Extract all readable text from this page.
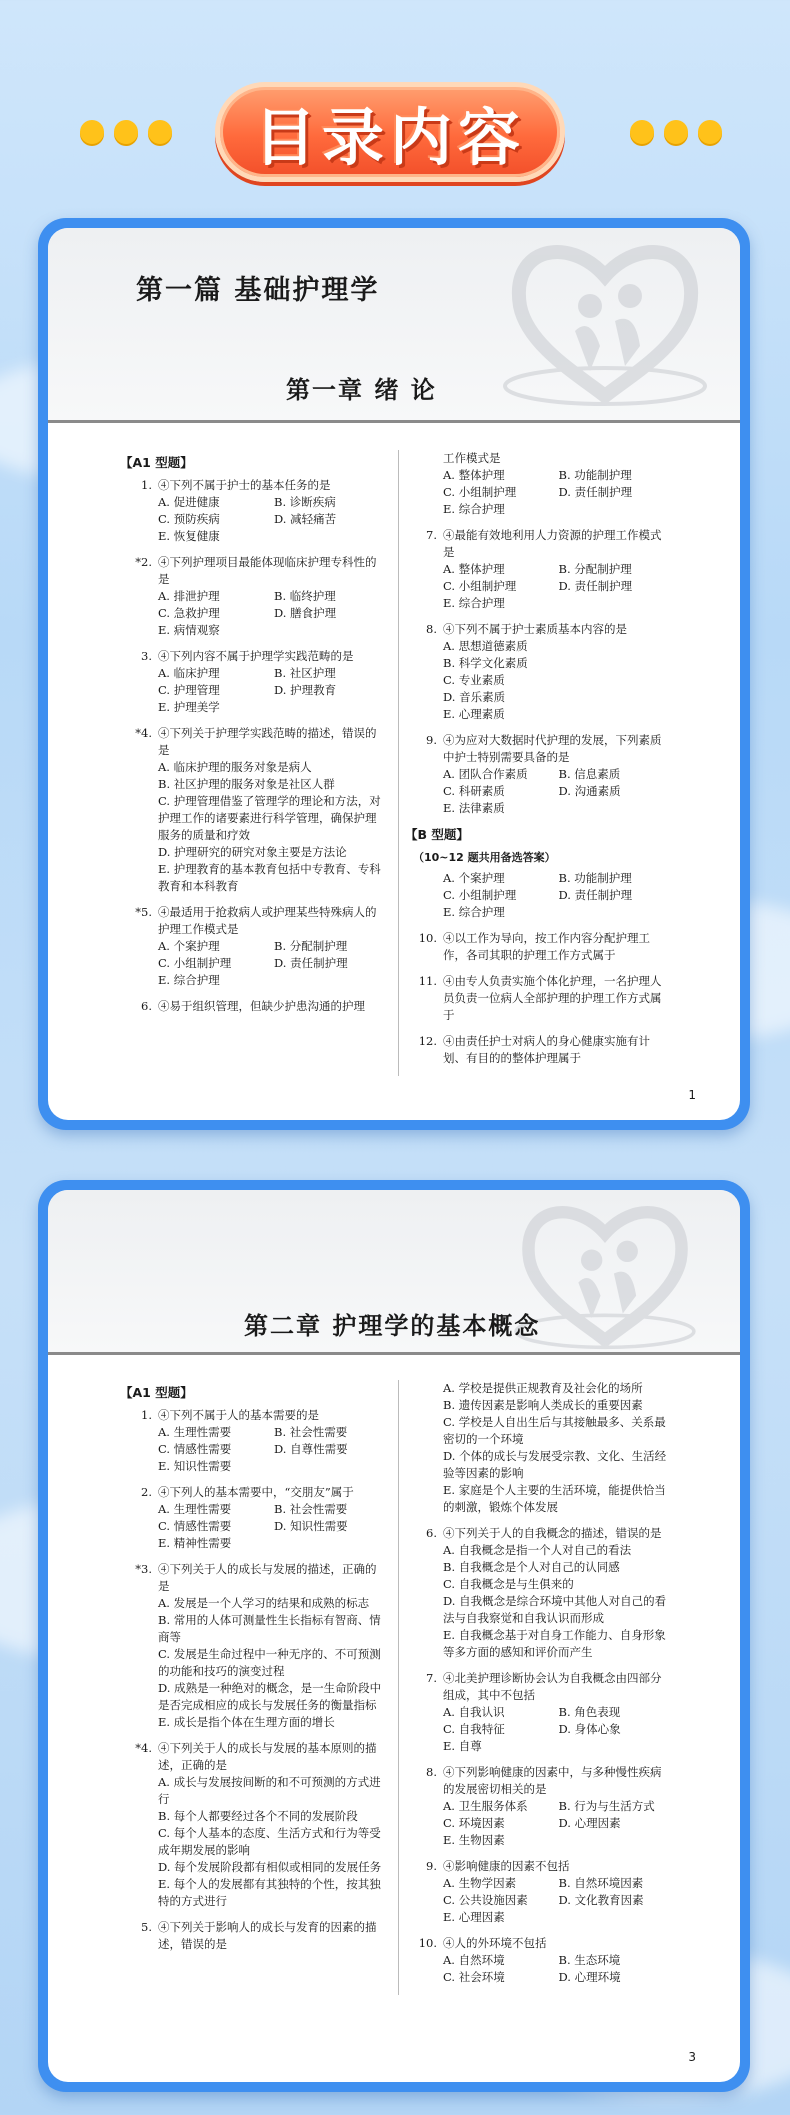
目录内容
第一篇 基础护理学
第一章 绪 论
【A1 型题】
1. ④下列不属于护士的基本任务的是
A. 促进健康	B. 诊断疾病
C. 预防疾病	D. 减轻痛苦
E. 恢复健康
*2. ④下列护理项目最能体现临床护理专科性的是
A. 排泄护理	B. 临终护理
C. 急救护理	D. 膳食护理
E. 病情观察
3. ④下列内容不属于护理学实践范畴的是
A. 临床护理	B. 社区护理
C. 护理管理	D. 护理教育
E. 护理美学
*4. ④下列关于护理学实践范畴的描述，错误的是
A. 临床护理的服务对象是病人
B. 社区护理的服务对象是社区人群
C. 护理管理借鉴了管理学的理论和方法，对护理工作的诸要素进行科学管理，确保护理服务的质量和疗效
D. 护理研究的研究对象主要是方法论
E. 护理教育的基本教育包括中专教育、专科教育和本科教育
*5. ④最适用于抢救病人或护理某些特殊病人的护理工作模式是
A. 个案护理	B. 分配制护理
C. 小组制护理	D. 责任制护理
E. 综合护理
6. ④易于组织管理，但缺少护患沟通的护理
工作模式是
A. 整体护理	B. 功能制护理
C. 小组制护理	D. 责任制护理
E. 综合护理
7. ④最能有效地利用人力资源的护理工作模式是
A. 整体护理	B. 分配制护理
C. 小组制护理	D. 责任制护理
E. 综合护理
8. ④下列不属于护士素质基本内容的是
A. 思想道德素质
B. 科学文化素质
C. 专业素质
D. 音乐素质
E. 心理素质
9. ④为应对大数据时代护理的发展，下列素质中护士特别需要具备的是
A. 团队合作素质	B. 信息素质
C. 科研素质	D. 沟通素质
E. 法律素质
【B 型题】
（10~12 题共用备选答案）
A. 个案护理	B. 功能制护理
C. 小组制护理	D. 责任制护理
E. 综合护理
10. ④以工作为导向，按工作内容分配护理工作，各司其职的护理工作方式属于
11. ④由专人负责实施个体化护理，一名护理人员负责一位病人全部护理的护理工作方式属于
12. ④由责任护士对病人的身心健康实施有计划、有目的的整体护理属于
1
第二章 护理学的基本概念
【A1 型题】
1. ④下列不属于人的基本需要的是
A. 生理性需要	B. 社会性需要
C. 情感性需要	D. 自尊性需要
E. 知识性需要
2. ④下列人的基本需要中，“交朋友”属于
A. 生理性需要	B. 社会性需要
C. 情感性需要	D. 知识性需要
E. 精神性需要
*3. ④下列关于人的成长与发展的描述，正确的是
A. 发展是一个人学习的结果和成熟的标志
B. 常用的人体可测量性生长指标有智商、情商等
C. 发展是生命过程中一种无序的、不可预测的功能和技巧的演变过程
D. 成熟是一种绝对的概念，是一生命阶段中是否完成相应的成长与发展任务的衡量指标
E. 成长是指个体在生理方面的增长
*4. ④下列关于人的成长与发展的基本原则的描述，正确的是
A. 成长与发展按间断的和不可预测的方式进行
B. 每个人都要经过各个不同的发展阶段
C. 每个人基本的态度、生活方式和行为等受成年期发展的影响
D. 每个发展阶段都有相似或相同的发展任务
E. 每个人的发展都有其独特的个性，按其独特的方式进行
5. ④下列关于影响人的成长与发育的因素的描述，错误的是
A. 学校是提供正规教育及社会化的场所
B. 遗传因素是影响人类成长的重要因素
C. 学校是人自出生后与其接触最多、关系最密切的一个环境
D. 个体的成长与发展受宗教、文化、生活经验等因素的影响
E. 家庭是个人主要的生活环境，能提供恰当的刺激，锻炼个体发展
6. ④下列关于人的自我概念的描述，错误的是
A. 自我概念是指一个人对自己的看法
B. 自我概念是个人对自己的认同感
C. 自我概念是与生俱来的
D. 自我概念是综合环境中其他人对自己的看法与自我察觉和自我认识而形成
E. 自我概念基于对自身工作能力、自身形象等多方面的感知和评价而产生
7. ④北美护理诊断协会认为自我概念由四部分组成，其中不包括
A. 自我认识	B. 角色表现
C. 自我特征	D. 身体心象
E. 自尊
8. ④下列影响健康的因素中，与多种慢性疾病的发展密切相关的是
A. 卫生服务体系	B. 行为与生活方式
C. 环境因素	D. 心理因素
E. 生物因素
9. ④影响健康的因素不包括
A. 生物学因素	B. 自然环境因素
C. 公共设施因素	D. 文化教育因素
E. 心理因素
10. ④人的外环境不包括
A. 自然环境	B. 生态环境
C. 社会环境	D. 心理环境
3
